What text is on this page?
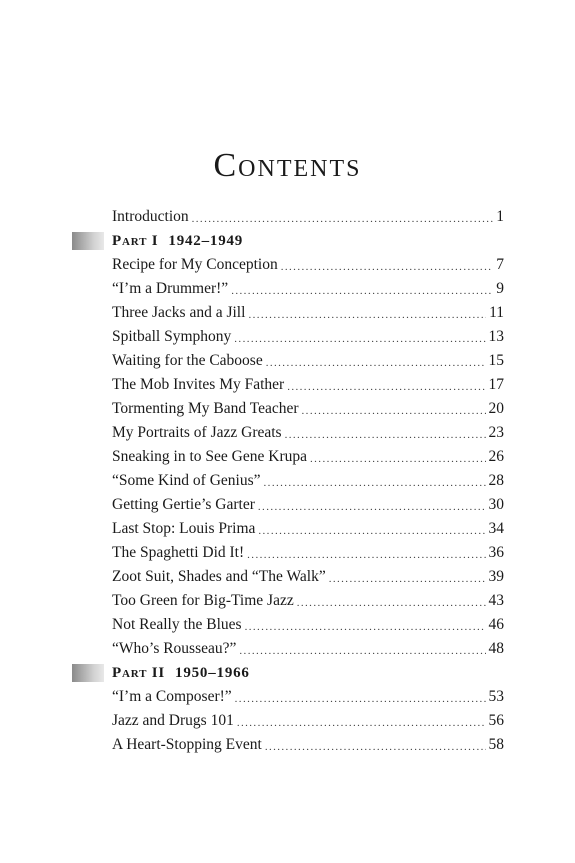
Contents
Introduction .....	1
Part I 1942–1949
Recipe for My Conception .....	7
“I’m a Drummer!” .....	9
Three Jacks and a Jill .....	11
Spitball Symphony .....	13
Waiting for the Caboose .....	15
The Mob Invites My Father .....	17
Tormenting My Band Teacher .....	20
My Portraits of Jazz Greats .....	23
Sneaking in to See Gene Krupa .....	26
“Some Kind of Genius” .....	28
Getting Gertie’s Garter .....	30
Last Stop: Louis Prima .....	34
The Spaghetti Did It! .....	36
Zoot Suit, Shades and “The Walk” .....	39
Too Green for Big-Time Jazz .....	43
Not Really the Blues .....	46
“Who’s Rousseau?” .....	48
Part II 1950–1966
“I’m a Composer!” .....	53
Jazz and Drugs 101 .....	56
A Heart-Stopping Event .....	58
